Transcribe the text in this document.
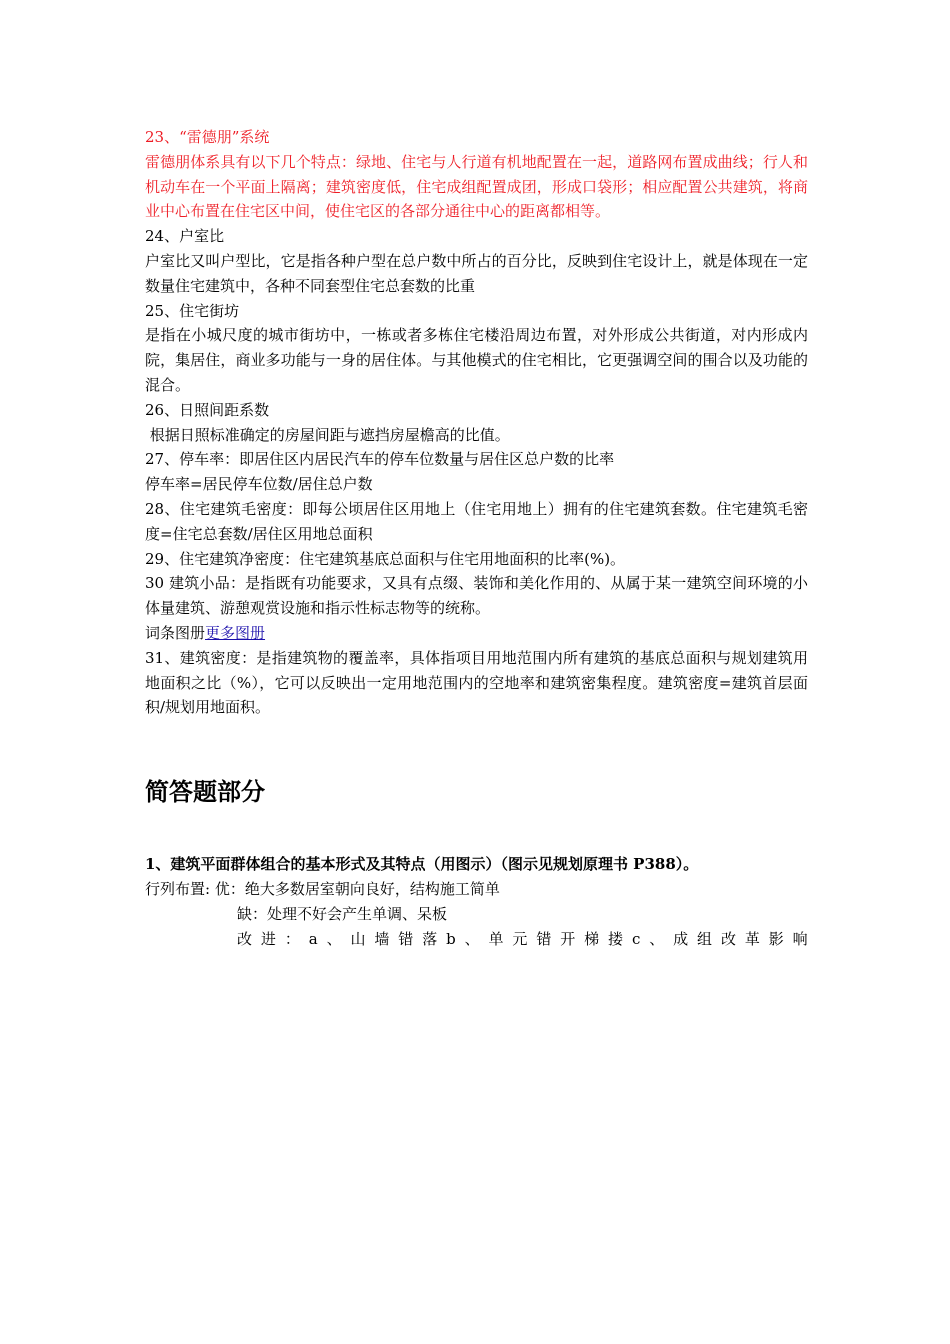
23、“雷德朋”系统

雷德朋体系具有以下几个特点：绿地、住宅与人行道有机地配置在一起，道路网布置成曲线；行人和机动车在一个平面上隔离；建筑密度低，住宅成组配置成团，形成口袋形；相应配置公共建筑，将商业中心布置在住宅区中间，使住宅区的各部分通往中心的距离都相等。

24、户室比

户室比又叫户型比，它是指各种户型在总户数中所占的百分比，反映到住宅设计上，就是体现在一定数量住宅建筑中，各种不同套型住宅总套数的比重

25、住宅街坊

是指在小城尺度的城市街坊中，一栋或者多栋住宅楼沿周边布置，对外形成公共街道，对内形成内院，集居住，商业多功能与一身的居住体。与其他模式的住宅相比，它更强调空间的围合以及功能的混合。

26、日照间距系数

根据日照标准确定的房屋间距与遮挡房屋檐高的比值。

27、停车率：即居住区内居民汽车的停车位数量与居住区总户数的比率

停车率=居民停车位数/居住总户数

28、住宅建筑毛密度：即每公顷居住区用地上（住宅用地上）拥有的住宅建筑套数。住宅建筑毛密度=住宅总套数/居住区用地总面积

29、住宅建筑净密度：住宅建筑基底总面积与住宅用地面积的比率(%)。

30 建筑小品：是指既有功能要求，又具有点缀、装饰和美化作用的、从属于某一建筑空间环境的小体量建筑、游憩观赏设施和指示性标志物等的统称。

词条图册更多图册

31、建筑密度：是指建筑物的覆盖率，具体指项目用地范围内所有建筑的基底总面积与规划建筑用地面积之比（%），它可以反映出一定用地范围内的空地率和建筑密集程度。建筑密度=建筑首层面积/规划用地面积。

简答题部分

1、建筑平面群体组合的基本形式及其特点（用图示）（图示见规划原理书 P388）。

行列布置: 优：绝大多数居室朝向良好，结构施工简单

缺：处理不好会产生单调、呆板

改 进 ： a 、 山 墙 错 落 b 、 单 元 错 开 梯 搂 c 、 成 组 改 革 影 响
